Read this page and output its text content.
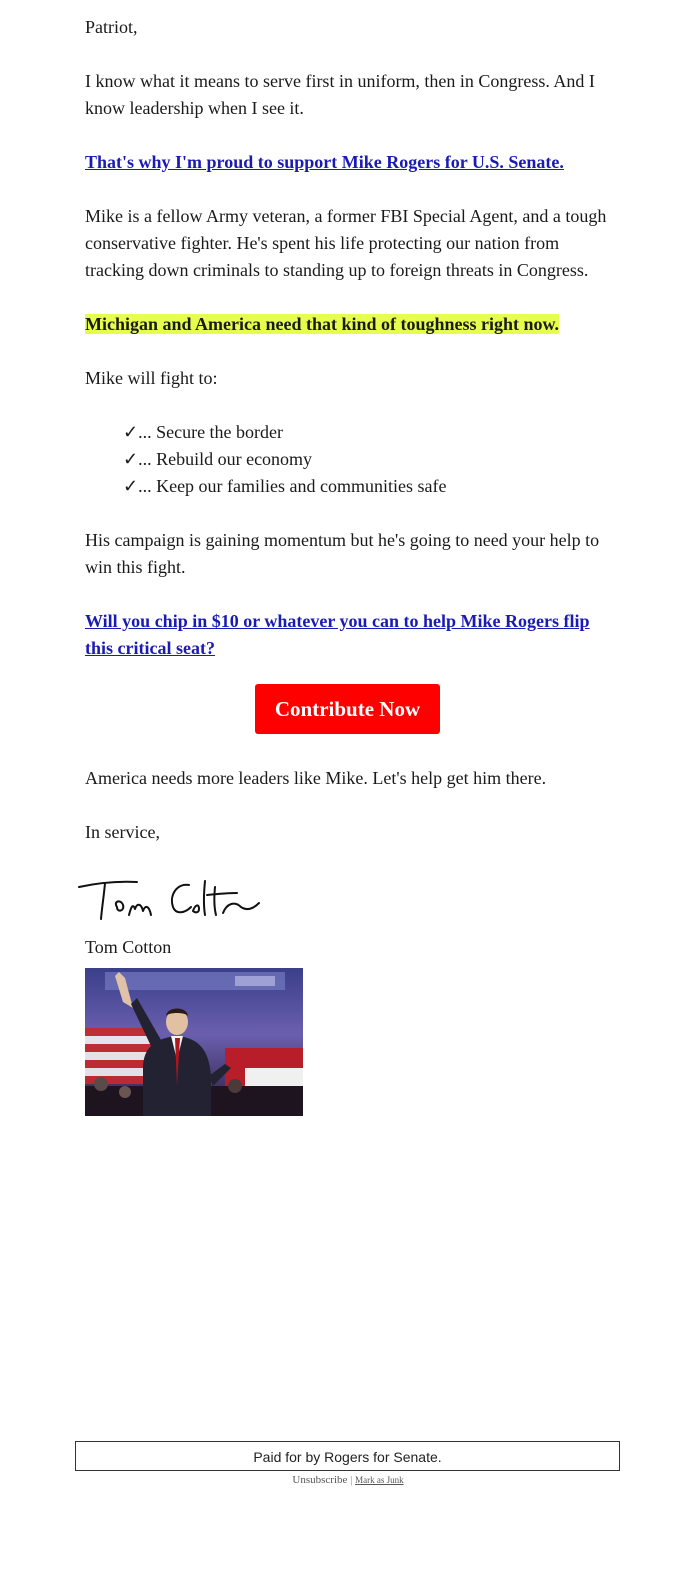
Patriot,

I know what it means to serve first in uniform, then in Congress. And I know leadership when I see it.

That's why I'm proud to support Mike Rogers for U.S. Senate.

Mike is a fellow Army veteran, a former FBI Special Agent, and a tough conservative fighter. He's spent his life protecting our nation from tracking down criminals to standing up to foreign threats in Congress.

Michigan and America need that kind of toughness right now.

Mike will fight to:

✓... Secure the border
✓... Rebuild our economy
✓... Keep our families and communities safe

His campaign is gaining momentum but he's going to need your help to win this fight.

Will you chip in $10 or whatever you can to help Mike Rogers flip this critical seat?

Contribute Now

America needs more leaders like Mike. Let's help get him there.

In service,

Tom Cotton
Paid for by Rogers for Senate.
Unsubscribe | Mark as Junk
